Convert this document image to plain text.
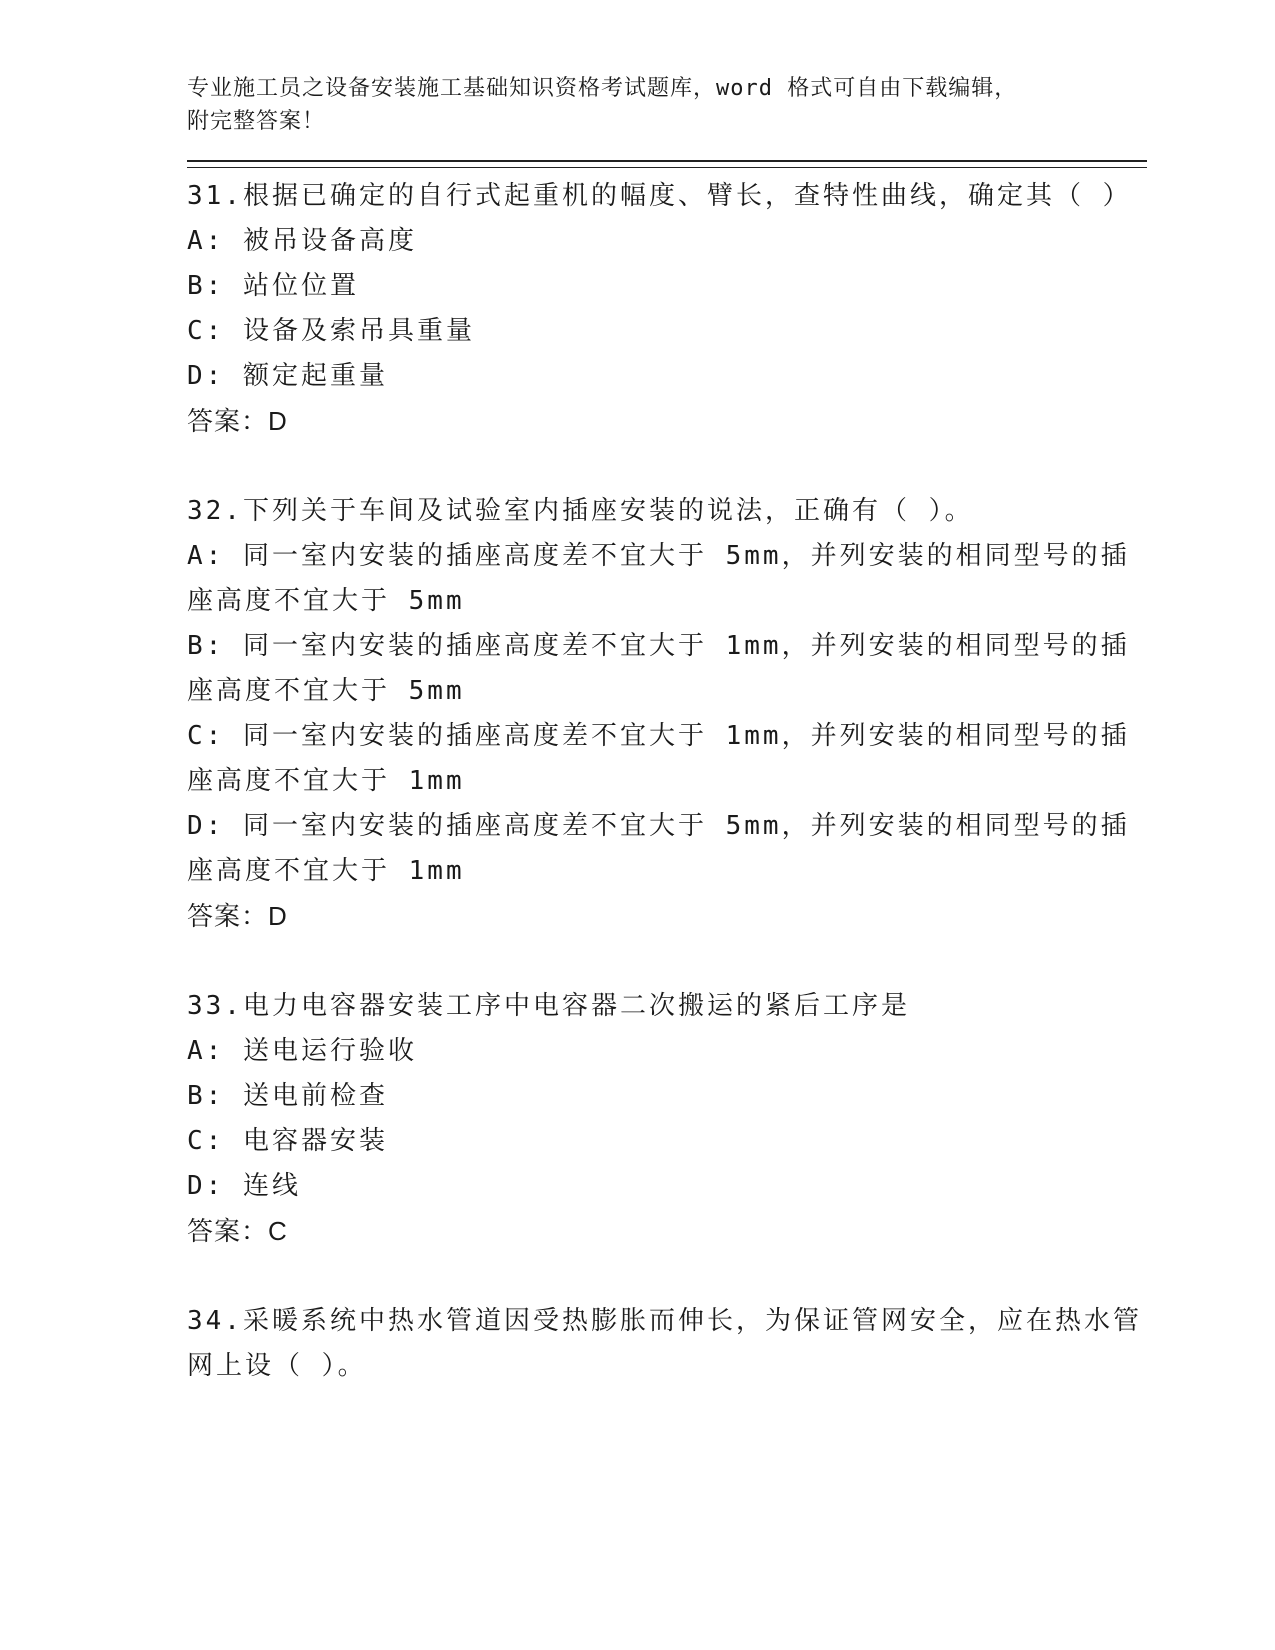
专业施工员之设备安装施工基础知识资格考试题库，word 格式可自由下载编辑，
附完整答案！

31.根据已确定的自行式起重机的幅度、臂长，查特性曲线，确定其（ ）

A: 被吊设备高度

B: 站位位置

C: 设备及索吊具重量

D: 额定起重量

答案：D

32.下列关于车间及试验室内插座安装的说法，正确有（ ）。

A: 同一室内安装的插座高度差不宜大于 5mm，并列安装的相同型号的插座高度不宜大于 5mm

B: 同一室内安装的插座高度差不宜大于 1mm，并列安装的相同型号的插座高度不宜大于 5mm

C: 同一室内安装的插座高度差不宜大于 1mm，并列安装的相同型号的插座高度不宜大于 1mm

D: 同一室内安装的插座高度差不宜大于 5mm，并列安装的相同型号的插座高度不宜大于 1mm

答案：D

33.电力电容器安装工序中电容器二次搬运的紧后工序是

A: 送电运行验收

B: 送电前检查

C: 电容器安装

D: 连线

答案：C

34.采暖系统中热水管道因受热膨胀而伸长，为保证管网安全，应在热水管网上设（ ）。
